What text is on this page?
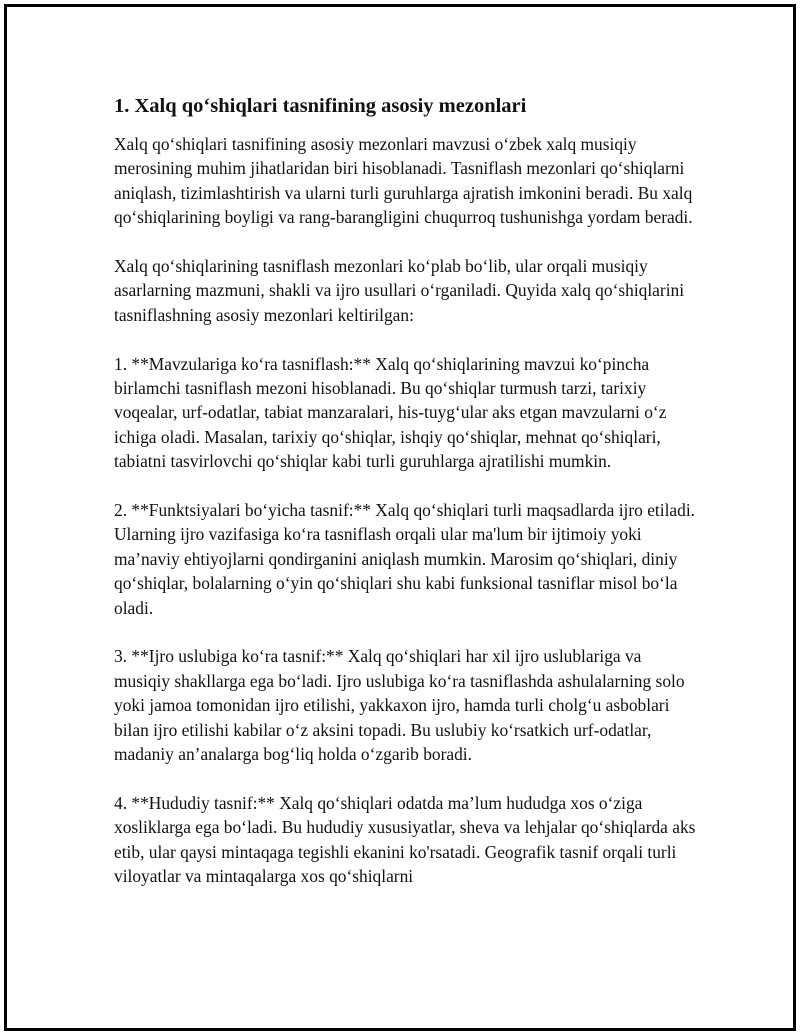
1. Xalq qo‘shiqlari tasnifining asosiy mezonlari

Xalq qo‘shiqlari tasnifining asosiy mezonlari mavzusi o‘zbek xalq musiqiy merosining muhim jihatlaridan biri hisoblanadi. Tasniflash mezonlari qo‘shiqlarni aniqlash, tizimlashtirish va ularni turli guruhlarga ajratish imkonini beradi. Bu xalq qo‘shiqlarining boyligi va rang-barangligini chuqurroq tushunishga yordam beradi.

Xalq qo‘shiqlarining tasniflash mezonlari ko‘plab bo‘lib, ular orqali musiqiy asarlarning mazmuni, shakli va ijro usullari o‘rganiladi. Quyida xalq qo‘shiqlarini tasniflashning asosiy mezonlari keltirilgan:

1. **Mavzulariga ko‘ra tasniflash:** Xalq qo‘shiqlarining mavzui ko‘pincha birlamchi tasniflash mezoni hisoblanadi. Bu qo‘shiqlar turmush tarzi, tarixiy voqealar, urf-odatlar, tabiat manzaralari, his-tuyg‘ular aks etgan mavzularni o‘z ichiga oladi. Masalan, tarixiy qo‘shiqlar, ishqiy qo‘shiqlar, mehnat qo‘shiqlari, tabiatni tasvirlovchi qo‘shiqlar kabi turli guruhlarga ajratilishi mumkin.

2. **Funktsiyalari bo‘yicha tasnif:** Xalq qo‘shiqlari turli maqsadlarda ijro etiladi. Ularning ijro vazifasiga ko‘ra tasniflash orqali ular ma'lum bir ijtimoiy yoki ma’naviy ehtiyojlarni qondirganini aniqlash mumkin. Marosim qo‘shiqlari, diniy qo‘shiqlar, bolalarning o‘yin qo‘shiqlari shu kabi funksional tasniflar misol bo‘la oladi.

3. **Ijro uslubiga ko‘ra tasnif:** Xalq qo‘shiqlari har xil ijro uslublariga va musiqiy shakllarga ega bo‘ladi. Ijro uslubiga ko‘ra tasniflashda ashulalarning solo yoki jamoa tomonidan ijro etilishi, yakkaxon ijro, hamda turli cholg‘u asboblari bilan ijro etilishi kabilar o‘z aksini topadi. Bu uslubiy ko‘rsatkich urf-odatlar, madaniy an’analarga bog‘liq holda o‘zgarib boradi.

4. **Hududiy tasnif:** Xalq qo‘shiqlari odatda ma’lum hududga xos o‘ziga xosliklarga ega bo‘ladi. Bu hududiy xususiyatlar, sheva va lehjalar qo‘shiqlarda aks etib, ular qaysi mintaqaga tegishli ekanini ko'rsatadi. Geografik tasnif orqali turli viloyatlar va mintaqalarga xos qo‘shiqlarni
